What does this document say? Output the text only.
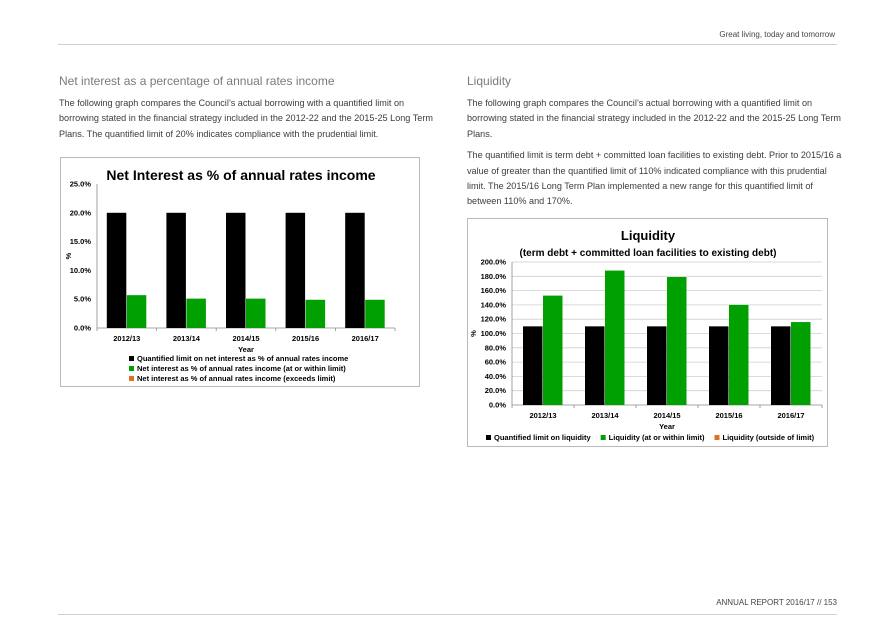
Great living, today and tomorrow
Net interest as a percentage of annual rates income

The following graph compares the Council’s actual borrowing with a quantified limit on borrowing stated in the financial strategy included in the 2012-22 and the 2015-25 Long Term Plans. The quantified limit of 20% indicates compliance with the prudential limit.

Liquidity

The following graph compares the Council’s actual borrowing with a quantified limit on borrowing stated in the financial strategy included in the 2012-22 and the 2015-25 Long Term Plans.

The quantified limit is term debt + committed loan facilities to existing debt. Prior to 2015/16 a value of greater than the quantified limit of 110% indicated compliance with this prudential limit. The 2015/16 Long Term Plan implemented a new range for this quantified limit of between 110% and 170%.

Net Interest as % of annual rates income
0.0%
5.0%
10.0%
15.0%
20.0%
25.0%
%
2012/13	2013/14	2014/15	2015/16	2016/17
Year
Quantified limit on net interest as % of annual rates income
Net interest as % of annual rates income (at or within limit)
Net interest as % of annual rates income (exceeds limit)
Liquidity
(term debt + committed loan facilities to existing debt)
0.0%
20.0%
40.0%
60.0%
80.0%
100.0%
120.0%
140.0%
160.0%
180.0%
200.0%
%
2012/13	2013/14	2014/15	2015/16	2016/17
Year
Quantified limit on liquidity Liquidity (at or within limit) Liquidity (outside of limit)
ANNUAL REPORT 2016/17 // 153
